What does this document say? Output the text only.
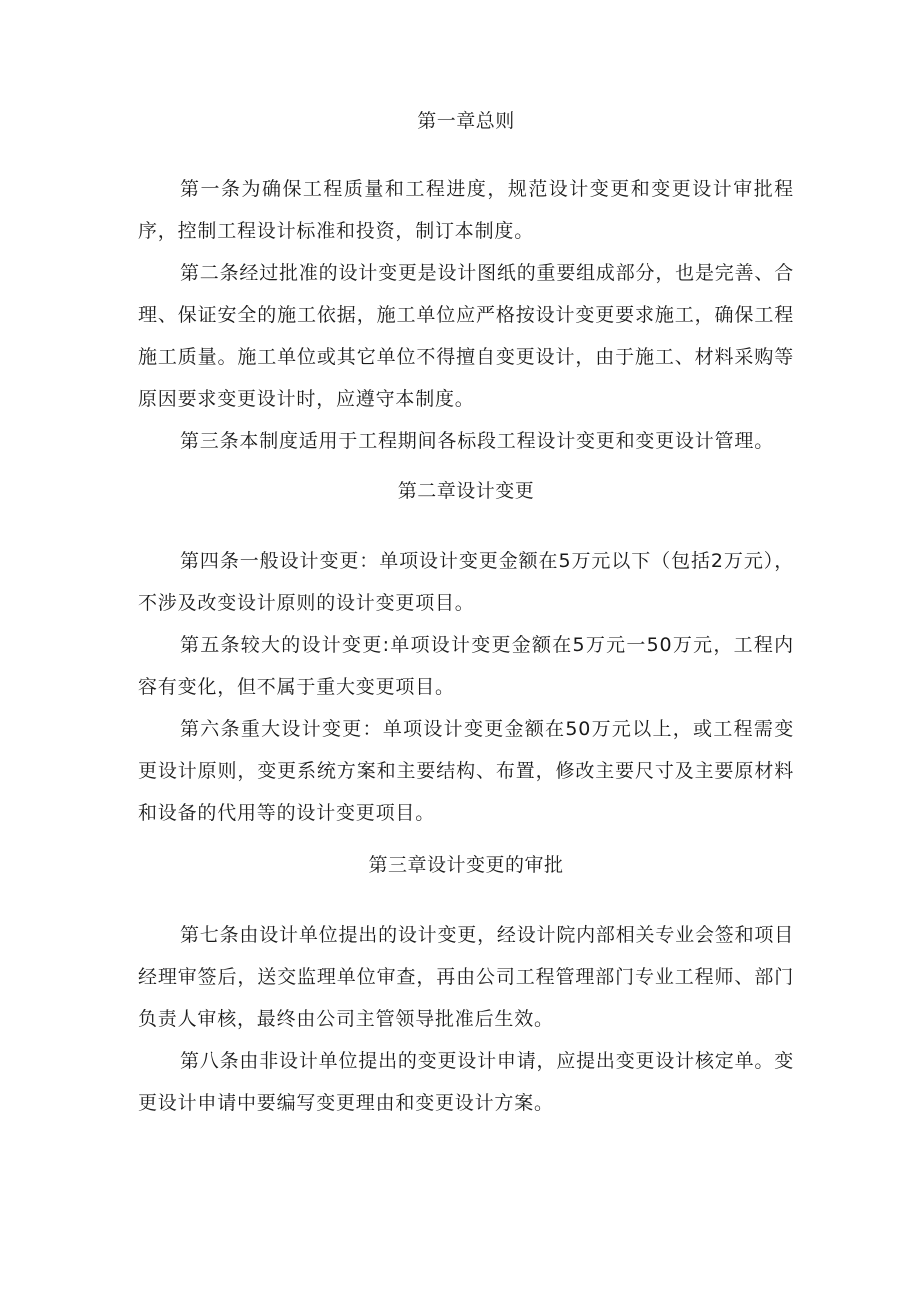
第一章总则

第一条为确保工程质量和工程进度，规范设计变更和变更设计审批程序，控制工程设计标准和投资，制订本制度。

第二条经过批准的设计变更是设计图纸的重要组成部分，也是完善、合理、保证安全的施工依据，施工单位应严格按设计变更要求施工，确保工程施工质量。施工单位或其它单位不得擅自变更设计，由于施工、材料采购等原因要求变更设计时，应遵守本制度。

第三条本制度适用于工程期间各标段工程设计变更和变更设计管理。

第二章设计变更

第四条一般设计变更：单项设计变更金额在5万元以下（包括2万元），不涉及改变设计原则的设计变更项目。

第五条较大的设计变更:单项设计变更金额在5万元一50万元，工程内容有变化，但不属于重大变更项目。

第六条重大设计变更：单项设计变更金额在50万元以上，或工程需变更设计原则，变更系统方案和主要结构、布置，修改主要尺寸及主要原材料和设备的代用等的设计变更项目。

第三章设计变更的审批

第七条由设计单位提出的设计变更，经设计院内部相关专业会签和项目经理审签后，送交监理单位审查，再由公司工程管理部门专业工程师、部门负责人审核，最终由公司主管领导批准后生效。

第八条由非设计单位提出的变更设计申请，应提出变更设计核定单。变更设计申请中要编写变更理由和变更设计方案。
